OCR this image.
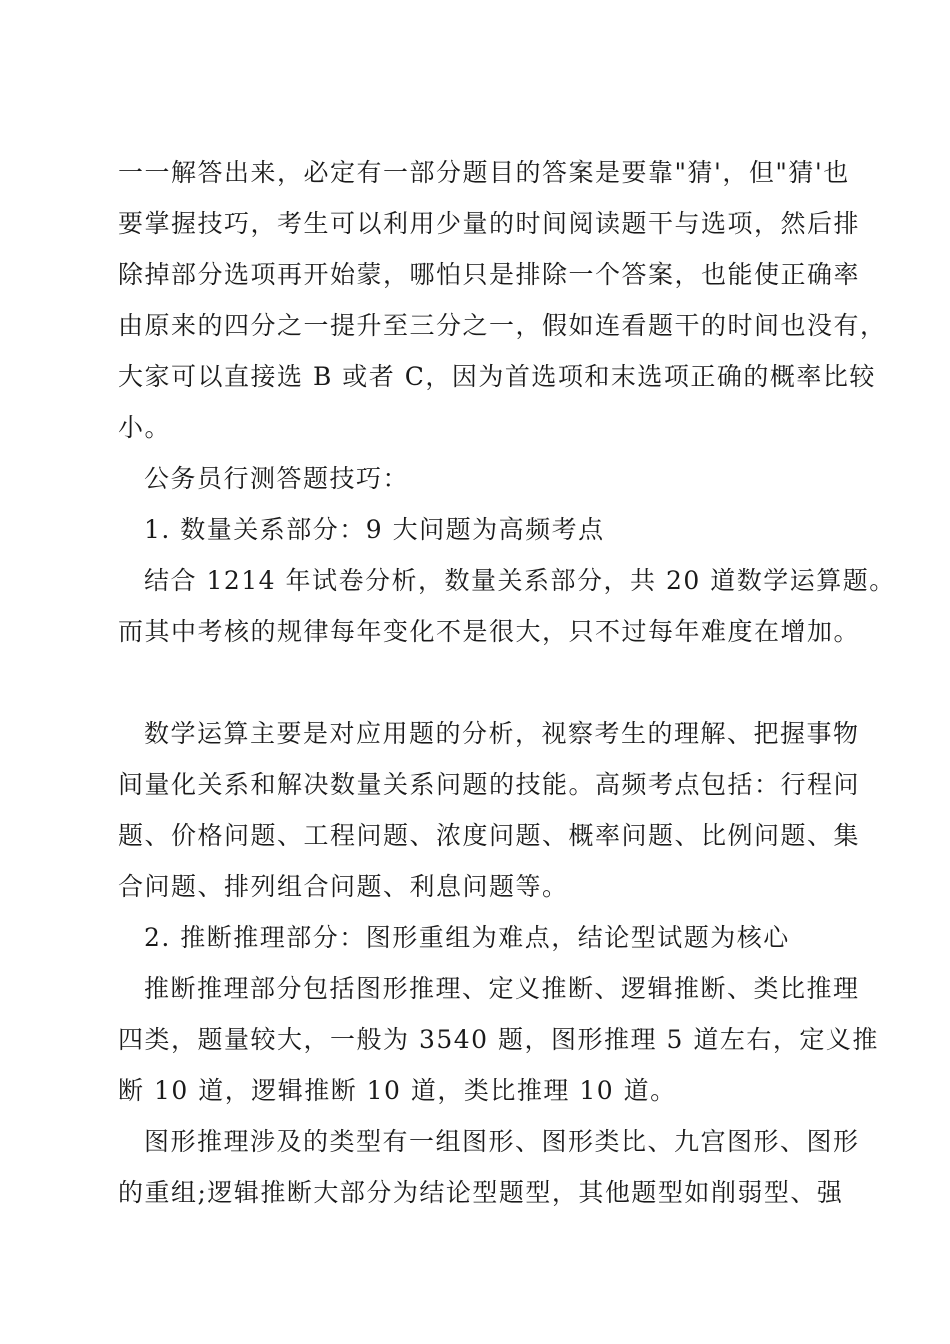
一一解答出来，必定有一部分题目的答案是要靠"猜'，但"猜'也
要掌握技巧，考生可以利用少量的时间阅读题干与选项，然后排
除掉部分选项再开始蒙，哪怕只是排除一个答案，也能使正确率
由原来的四分之一提升至三分之一，假如连看题干的时间也没有，
大家可以直接选 B 或者 C，因为首选项和末选项正确的概率比较
小。
公务员行测答题技巧：
1. 数量关系部分：9 大问题为高频考点
结合 1214 年试卷分析，数量关系部分，共 20 道数学运算题。
而其中考核的规律每年变化不是很大，只不过每年难度在增加。
数学运算主要是对应用题的分析，视察考生的理解、把握事物
间量化关系和解决数量关系问题的技能。高频考点包括：行程问
题、价格问题、工程问题、浓度问题、概率问题、比例问题、集
合问题、排列组合问题、利息问题等。
2. 推断推理部分：图形重组为难点，结论型试题为核心
推断推理部分包括图形推理、定义推断、逻辑推断、类比推理
四类，题量较大，一般为 3540 题，图形推理 5 道左右，定义推
断 10 道，逻辑推断 10 道，类比推理 10 道。
图形推理涉及的类型有一组图形、图形类比、九宫图形、图形
的重组;逻辑推断大部分为结论型题型，其他题型如削弱型、强
